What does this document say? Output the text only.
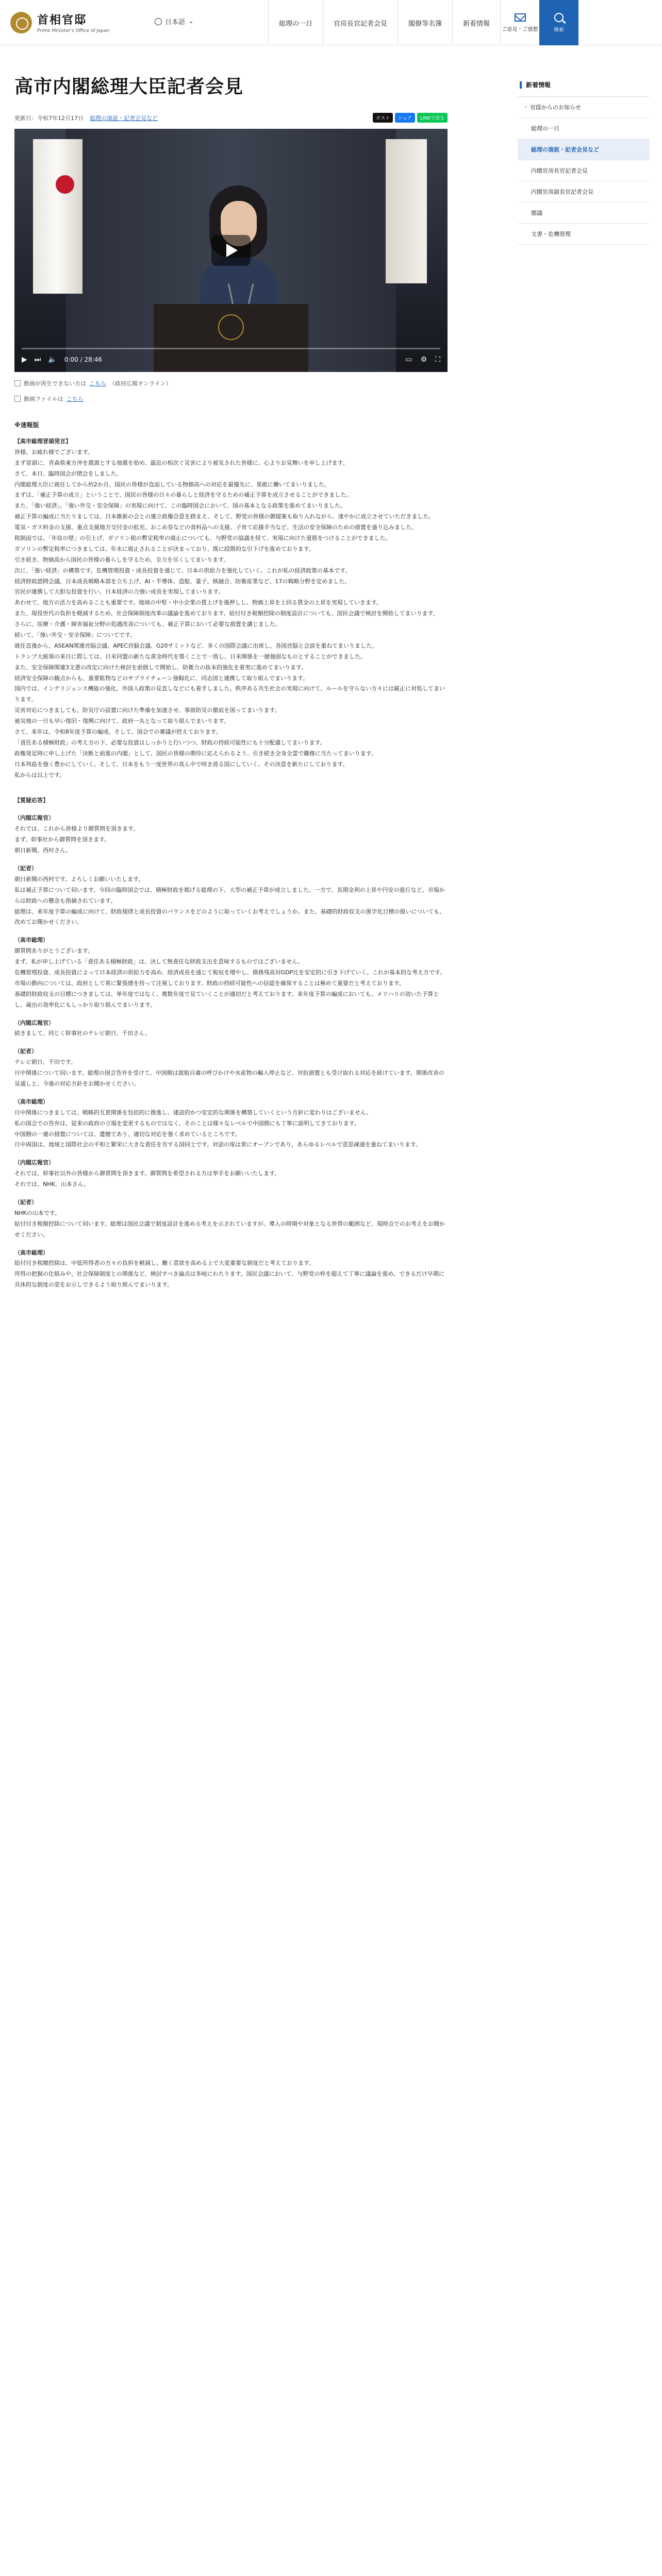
首相官邸
Prime Minister's Office of Japan
日本語 ⌄	総理の一日	官房長官記者会見	閣僚等名簿	新着情報
ご意見・ご感想	検索
高市内閣総理大臣記者会見
更新日：令和7年12月17日 総理の演説・記者会見など	ポスト	シェア	LINEで送る
▶ ⏭ 🔈 0:00 / 28:46	▭ ⚙ ⛶
動画が再生できない方は こちら （政府広報オンライン）
動画ファイルは こちら
※速報版
【高市総理冒頭発言】
皆様、お疲れ様でございます。
まず冒頭に、青森県東方沖を震源とする地震を始め、最近の相次ぐ災害により被災された皆様に、心よりお見舞いを申し上げます。
さて、本日、臨時国会が閉会をしました。
内閣総理大臣に就任してから約2か月、国民の皆様が直面している物価高への対応を最優先に、果敢に働いてまいりました。
まずは、「補正予算の成立」ということで、国民の皆様の日々の暮らしと経済を守るための補正予算を成立させることができました。
また、「強い経済」、「強い外交・安全保障」の実現に向けて、この臨時国会において、国の基本となる政策を進めてまいりました。
補正予算の編成に当たりましては、日本維新の会との連立政権合意を踏まえ、そして、野党の皆様の御提案も取り入れながら、速やかに成立させていただきました。
電気・ガス料金の支援、重点支援地方交付金の拡充、おこめ券などの食料品への支援、子育て応援手当など、生活の安全保障のための措置を盛り込みました。
税制面では、「年収の壁」の引上げ、ガソリン税の暫定税率の廃止についても、与野党の協議を経て、実現に向けた道筋をつけることができました。
ガソリンの暫定税率につきましては、年末に廃止されることが決まっており、既に段階的な引下げを進めております。
引き続き、物価高から国民の皆様の暮らしを守るため、全力を尽くしてまいります。
次に、「強い経済」の構築です。危機管理投資・成長投資を通じて、日本の供給力を強化していく。これが私の経済政策の基本です。
経済財政諮問会議、日本成長戦略本部を立ち上げ、AI・半導体、造船、量子、核融合、防衛産業など、17の戦略分野を定めました。
官民が連携して大胆な投資を行い、日本経済の力強い成長を実現してまいります。
あわせて、地方の活力を高めることも重要です。地域の中堅・中小企業の賃上げを後押しし、物価上昇を上回る賃金の上昇を実現していきます。
また、現役世代の負担を軽減するため、社会保障制度改革の議論を進めております。給付付き税額控除の制度設計についても、国民会議で検討を開始してまいります。
さらに、医療・介護・障害福祉分野の処遇改善についても、補正予算において必要な措置を講じました。
続いて、「強い外交・安全保障」についてです。
就任直後から、ASEAN関連首脳会議、APEC首脳会議、G20サミットなど、多くの国際会議に出席し、各国首脳と会談を重ねてまいりました。
トランプ大統領の来日に際しては、日米同盟の新たな黄金時代を築くことで一致し、日米関係を一層強固なものとすることができました。
また、安全保障関連3文書の改定に向けた検討を前倒しで開始し、防衛力の抜本的強化を着実に進めてまいります。
経済安全保障の観点からも、重要鉱物などのサプライチェーン強靱化に、同志国と連携して取り組んでまいります。
国内では、インテリジェンス機能の強化、外国人政策の見直しなどにも着手しました。秩序ある共生社会の実現に向けて、ルールを守らない方々には厳正に対処してまいります。
災害対応につきましても、防災庁の設置に向けた準備を加速させ、事前防災の徹底を図ってまいります。
被災地の一日も早い復旧・復興に向けて、政府一丸となって取り組んでまいります。
さて、来年は、令和8年度予算の編成、そして、国会での審議が控えております。
「責任ある積極財政」の考え方の下、必要な投資はしっかりと行いつつ、財政の持続可能性にも十分配慮してまいります。
政権発足時に申し上げた「決断と前進の内閣」として、国民の皆様の期待に応えられるよう、引き続き全身全霊で職務に当たってまいります。
日本列島を強く豊かにしていく。そして、日本をもう一度世界の真ん中で咲き誇る国にしていく。その決意を新たにしております。
私からは以上です。
【質疑応答】
（内閣広報官）
それでは、これから皆様より御質問を頂きます。
まず、幹事社から御質問を頂きます。
朝日新聞、西村さん。
（記者）
朝日新聞の西村です。よろしくお願いいたします。
私は補正予算について伺います。今回の臨時国会では、積極財政を掲げる総理の下、大型の補正予算が成立しました。一方で、長期金利の上昇や円安の進行など、市場からは財政への懸念も指摘されています。
総理は、来年度予算の編成に向けて、財政規律と成長投資のバランスをどのように取っていくお考えでしょうか。また、基礎的財政収支の黒字化目標の扱いについても、改めてお聞かせください。
（高市総理）
御質問ありがとうございます。
まず、私が申し上げている「責任ある積極財政」は、決して無責任な財政支出を意味するものではございません。
危機管理投資、成長投資によって日本経済の供給力を高め、経済成長を通じて税収を増やし、債務残高対GDP比を安定的に引き下げていく。これが基本的な考え方です。
市場の動向については、政府として常に緊張感を持って注視しております。財政の持続可能性への信認を確保することは極めて重要だと考えております。
基礎的財政収支の目標につきましては、単年度ではなく、複数年度で見ていくことが適切だと考えております。来年度予算の編成においても、メリハリの効いた予算とし、歳出の効率化にもしっかり取り組んでまいります。
（内閣広報官）
続きまして、同じく幹事社のテレビ朝日、千田さん。
（記者）
テレビ朝日、千田です。
日中関係について伺います。総理の国会答弁を受けて、中国側は渡航自粛の呼びかけや水産物の輸入停止など、対抗措置とも受け取れる対応を続けています。関係改善の見通しと、今後の対応方針をお聞かせください。
（高市総理）
日中関係につきましては、戦略的互恵関係を包括的に推進し、建設的かつ安定的な関係を構築していくという方針に変わりはございません。
私の国会での答弁は、従来の政府の立場を変更するものではなく、そのことは様々なレベルで中国側にも丁寧に説明してきております。
中国側の一連の措置については、遺憾であり、適切な対応を強く求めているところです。
日中両国は、地域と国際社会の平和と繁栄に大きな責任を有する国同士です。対話の扉は常にオープンであり、あらゆるレベルで意思疎通を重ねてまいります。
（内閣広報官）
それでは、幹事社以外の皆様から御質問を頂きます。御質問を希望される方は挙手をお願いいたします。
それでは、NHK、山本さん。
（記者）
NHKの山本です。
給付付き税額控除について伺います。総理は国民会議で制度設計を進める考えを示されていますが、導入の時期や対象となる世帯の範囲など、現時点でのお考えをお聞かせください。
（高市総理）
給付付き税額控除は、中低所得者の方々の負担を軽減し、働く意欲を高める上で大変重要な制度だと考えております。
所得の把握の仕組みや、社会保障制度との関係など、検討すべき論点は多岐にわたります。国民会議において、与野党の枠を超えて丁寧に議論を進め、できるだけ早期に具体的な制度の姿をお示しできるよう取り組んでまいります。
新着情報
› 官邸からのお知らせ
総理の一日
総理の演説・記者会見など
内閣官房長官記者会見
内閣官房副長官記者会見
閣議
文書・危機管理
